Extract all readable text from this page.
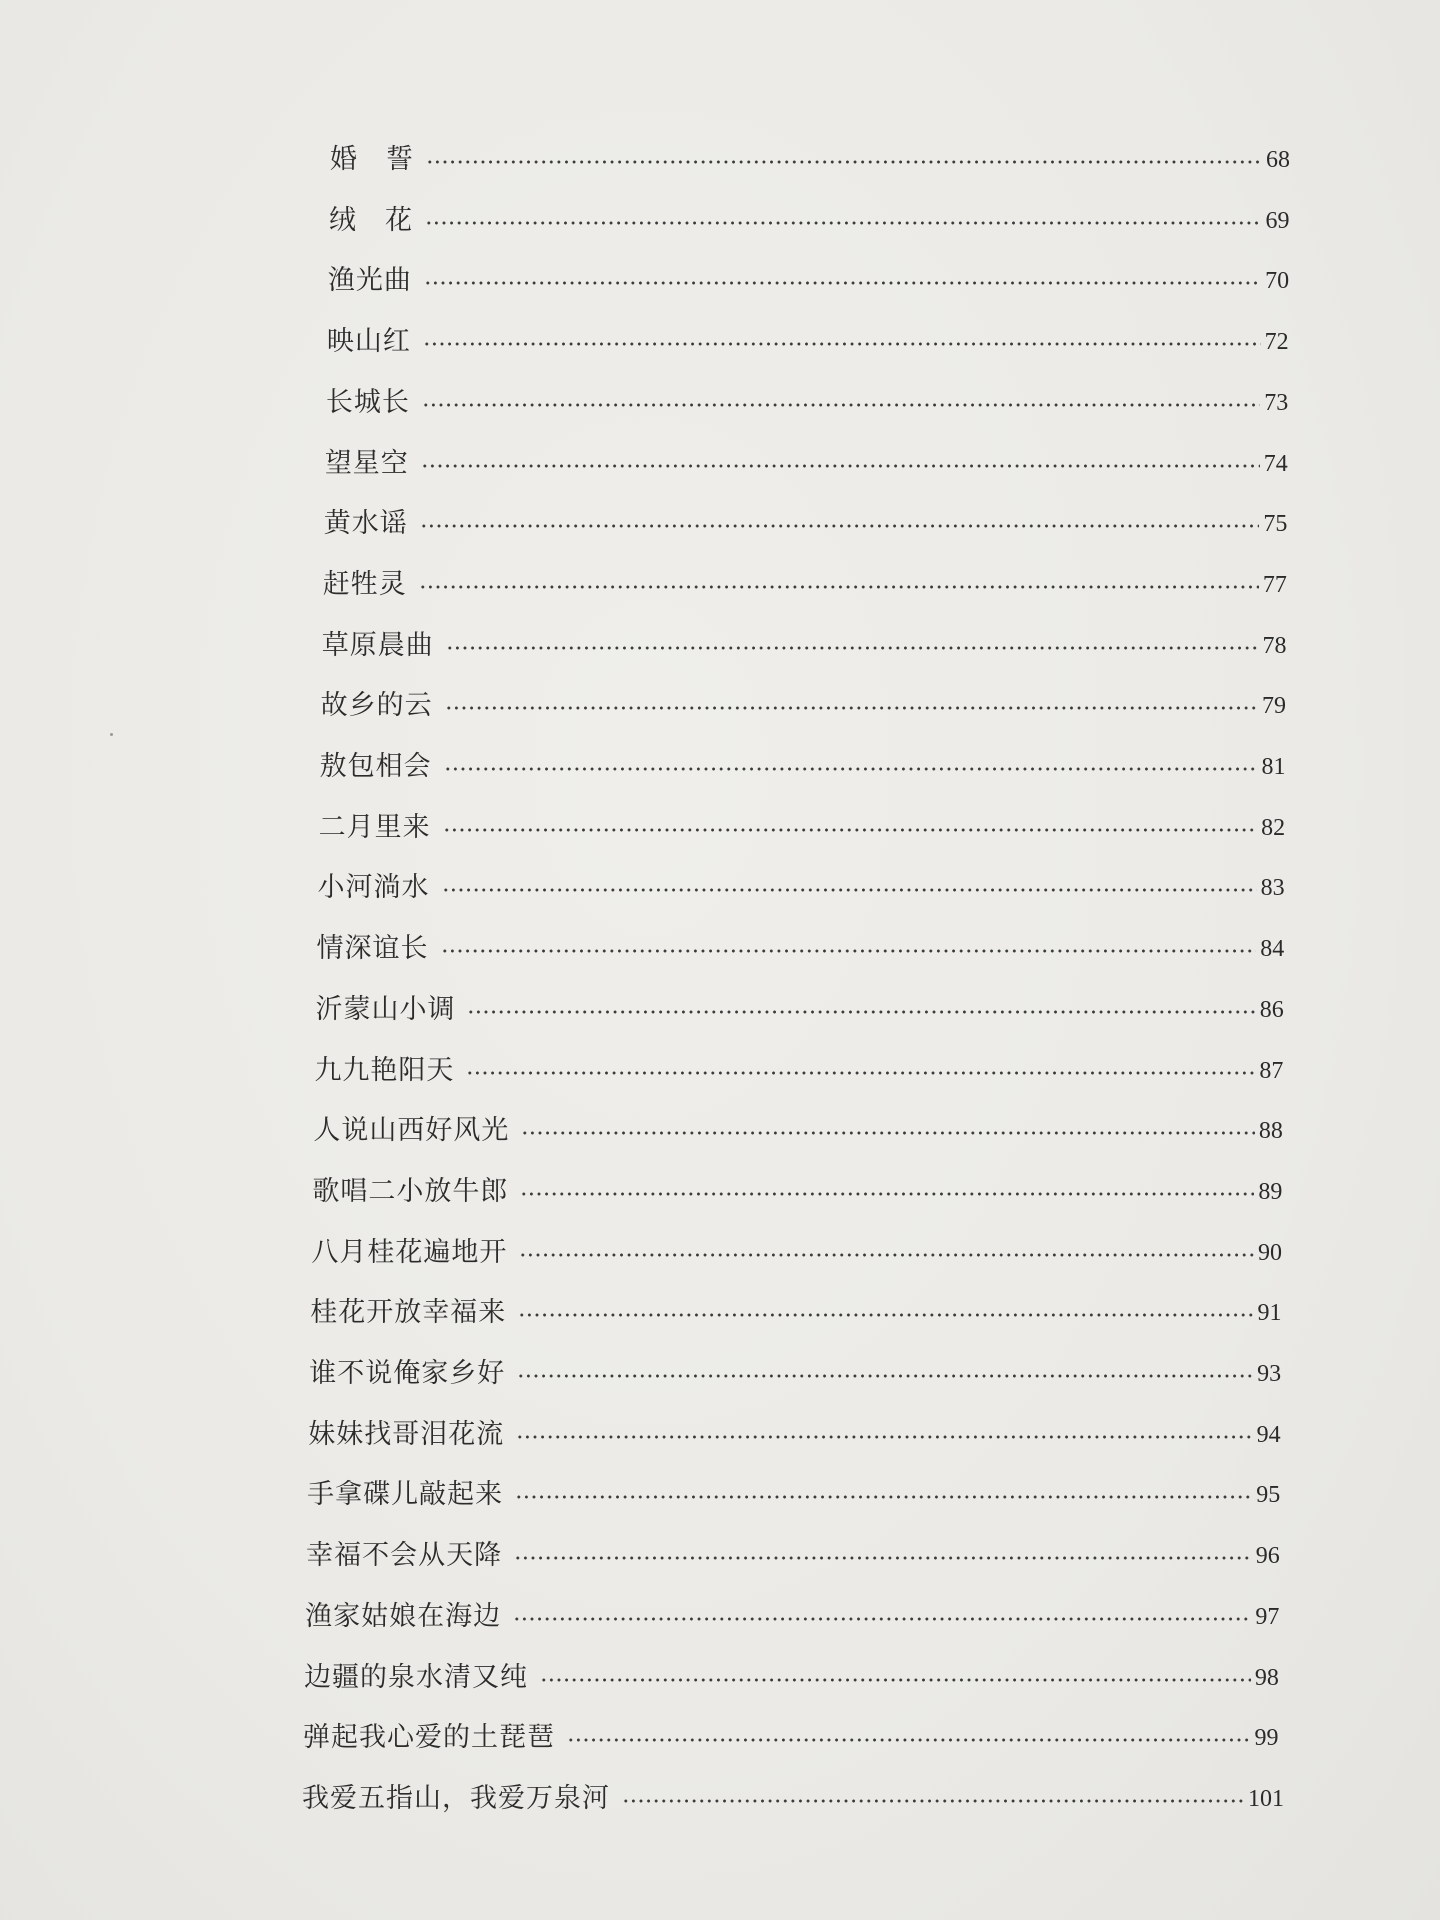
婚　誓	68
绒　花	69
渔光曲	70
映山红	72
长城长	73
望星空	74
黄水谣	75
赶牲灵	77
草原晨曲	78
故乡的云	79
敖包相会	81
二月里来	82
小河淌水	83
情深谊长	84
沂蒙山小调	86
九九艳阳天	87
人说山西好风光	88
歌唱二小放牛郎	89
八月桂花遍地开	90
桂花开放幸福来	91
谁不说俺家乡好	93
妹妹找哥泪花流	94
手拿碟儿敲起来	95
幸福不会从天降	96
渔家姑娘在海边	97
边疆的泉水清又纯	98
弹起我心爱的土琵琶	99
我爱五指山，我爱万泉河	101
